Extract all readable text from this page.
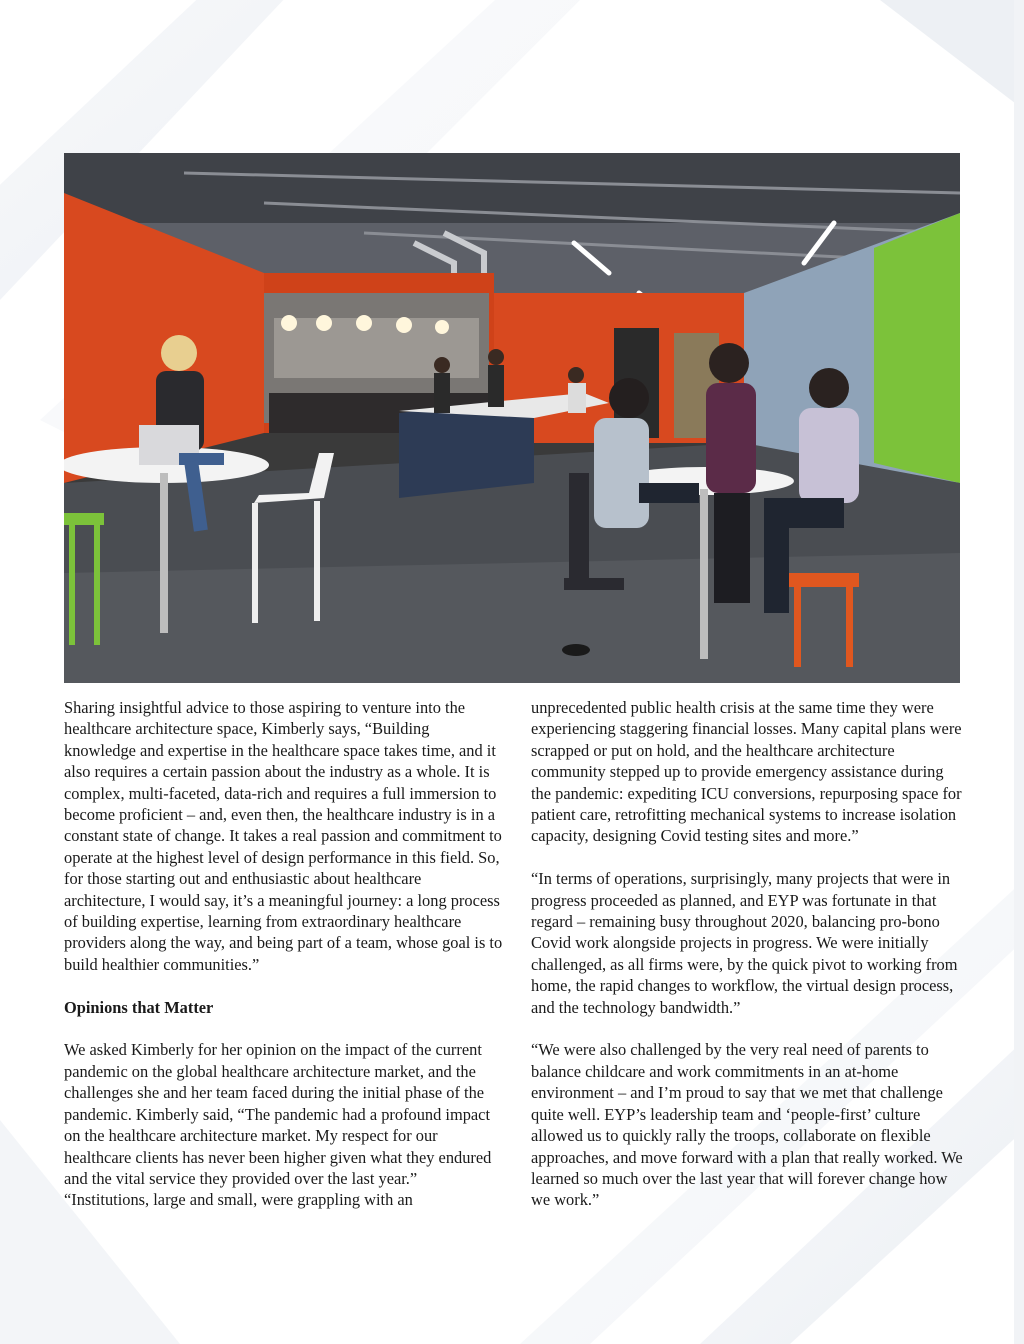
Sharing insightful advice to those aspiring to venture into the healthcare architecture space, Kimberly says, “Building knowledge and expertise in the healthcare space takes time, and it also requires a certain passion about the industry as a whole. It is complex, multi-faceted, data-rich and requires a full immersion to become proficient – and, even then, the healthcare industry is in a constant state of change. It takes a real passion and commitment to operate at the highest level of design performance in this field. So, for those starting out and enthusiastic about healthcare architecture, I would say, it’s a meaningful journey: a long process of building expertise, learning from extraordinary healthcare providers along the way, and being part of a team, whose goal is to build healthier communities.”

Opinions that Matter

We asked Kimberly for her opinion on the impact of the current pandemic on the global healthcare architecture market, and the challenges she and her team faced during the initial phase of the pandemic. Kimberly said, “The pandemic had a profound impact on the healthcare architecture market. My respect for our healthcare clients has never been higher given what they endured and the vital service they provided over the last year.”

“Institutions, large and small, were grappling with an

unprecedented public health crisis at the same time they were experiencing staggering financial losses. Many capital plans were scrapped or put on hold, and the healthcare architecture community stepped up to provide emergency assistance during the pandemic: expediting ICU conversions, repurposing space for patient care, retrofitting mechanical systems to increase isolation capacity, designing Covid testing sites and more.”

“In terms of operations, surprisingly, many projects that were in progress proceeded as planned, and EYP was fortunate in that regard – remaining busy throughout 2020, balancing pro-bono Covid work alongside projects in progress. We were initially challenged, as all firms were, by the quick pivot to working from home, the rapid changes to workflow, the virtual design process, and the technology bandwidth.”

“We were also challenged by the very real need of parents to balance childcare and work commitments in an at-home environment – and I’m proud to say that we met that challenge quite well. EYP’s leadership team and ‘people-first’ culture allowed us to quickly rally the troops, collaborate on flexible approaches, and move forward with a plan that really worked. We learned so much over the last year that will forever change how we work.”
